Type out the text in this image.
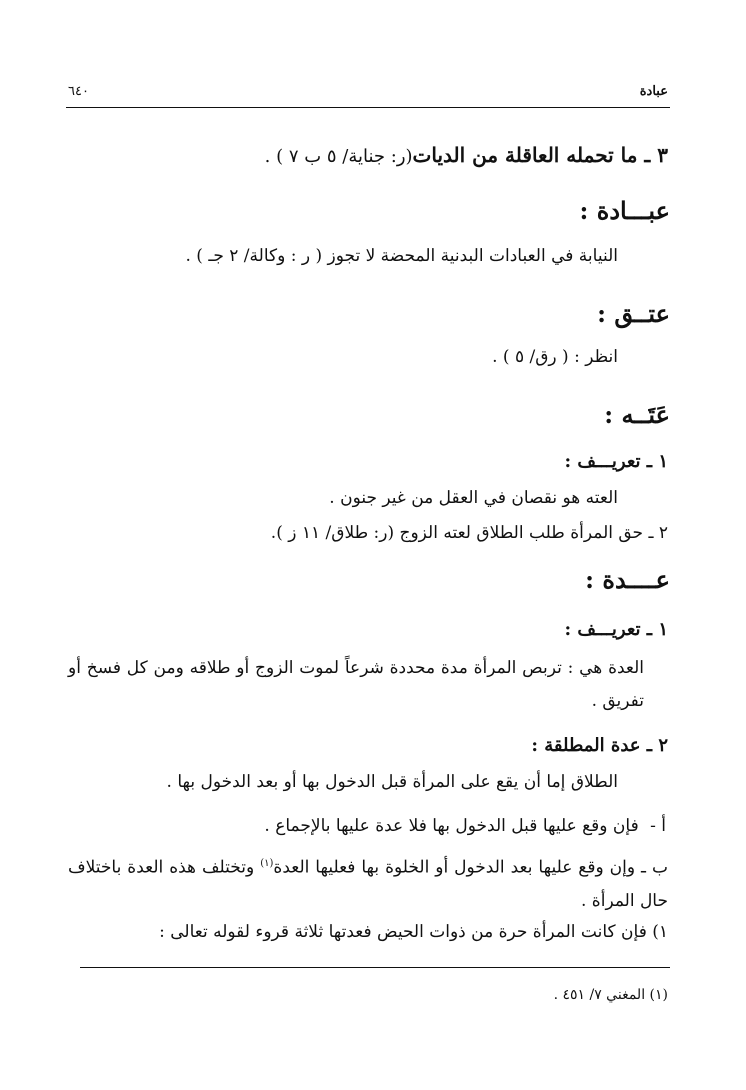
عبادة
٦٤٠
٣ ـ ما تحمله العاقلة من الديات(ر: جناية/ ٥ ب ٧ ) .
عبـــادة :
النيابة في العبادات البدنية المحضة لا تجوز ( ر : وكالة/ ٢ جـ ) .
عتــق :
انظر : ( رق/ ٥ ) .
عَتَــه :
١ ـ تعريـــف :
العته هو نقصان في العقل من غير جنون .
٢ ـ حق المرأة طلب الطلاق لعته الزوج (ر: طلاق/ ١١ ز ).
عــــدة :
١ ـ تعريـــف :
العدة هي : تربص المرأة مدة محددة شرعاً لموت الزوج أو طلاقه ومن كل فسخ أو تفريق .
٢ ـ عدة المطلقة :
الطلاق إما أن يقع على المرأة قبل الدخول بها أو بعد الدخول بها .
أ - فإن وقع عليها قبل الدخول بها فلا عدة عليها بالإجماع .
ب ـ وإن وقع عليها بعد الدخول أو الخلوة بها فعليها العدة$^{(١)}$ وتختلف هذه العدة باختلاف حال المرأة .
١) فإن كانت المرأة حرة من ذوات الحيض فعدتها ثلاثة قروء لقوله تعالى :
(١) المغني ٧/ ٤٥١ .
